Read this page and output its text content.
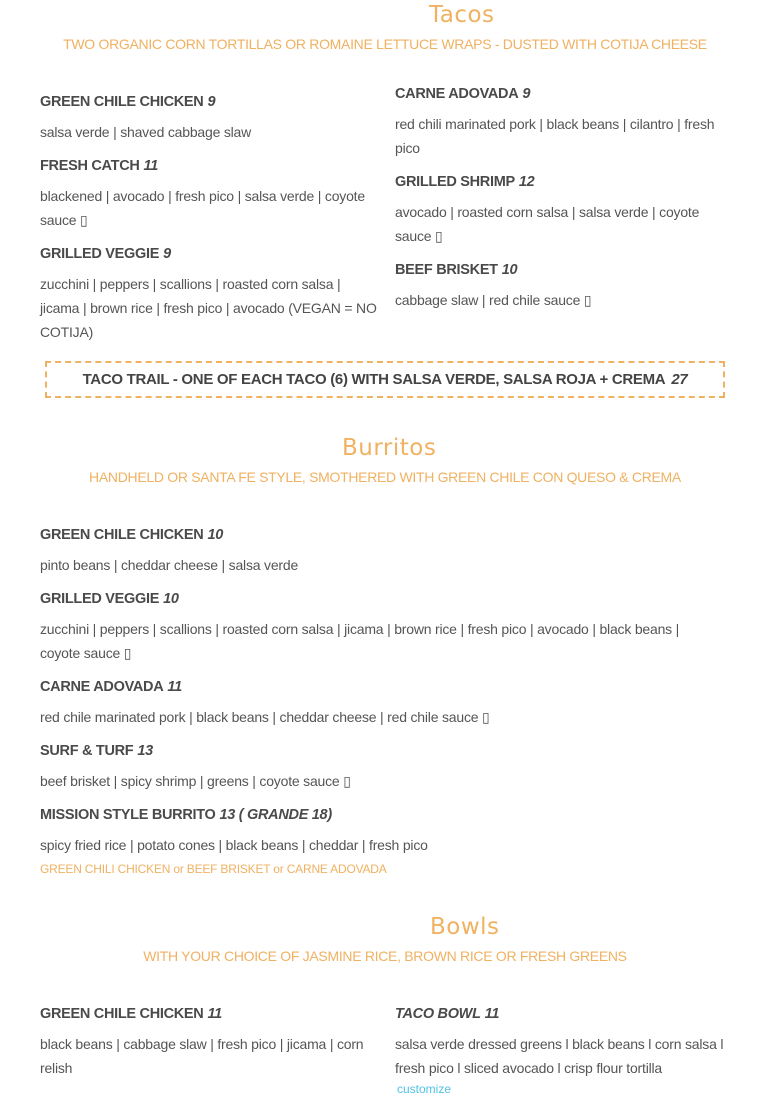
Tacos

TWO ORGANIC CORN TORTILLAS OR ROMAINE LETTUCE WRAPS - DUSTED WITH COTIJA CHEESE

GREEN CHILE CHICKEN 9
salsa verde | shaved cabbage slaw
FRESH CATCH 11
blackened | avocado | fresh pico | salsa verde | coyote sauce ▯
GRILLED VEGGIE 9
zucchini | peppers | scallions | roasted corn salsa | jicama | brown rice | fresh pico | avocado (VEGAN = NO COTIJA)
CARNE ADOVADA 9
red chili marinated pork | black beans | cilantro | fresh pico
GRILLED SHRIMP 12
avocado | roasted corn salsa | salsa verde | coyote sauce ▯
BEEF BRISKET 10
cabbage slaw | red chile sauce ▯
TACO TRAIL - ONE OF EACH TACO (6) WITH SALSA VERDE, SALSA ROJA + CREMA 27
Burritos

HANDHELD OR SANTA FE STYLE, SMOTHERED WITH GREEN CHILE CON QUESO & CREMA

GREEN CHILE CHICKEN 10
pinto beans | cheddar cheese | salsa verde
GRILLED VEGGIE 10
zucchini | peppers | scallions | roasted corn salsa | jicama | brown rice | fresh pico | avocado | black beans | coyote sauce ▯
CARNE ADOVADA 11
red chile marinated pork | black beans | cheddar cheese | red chile sauce ▯
SURF & TURF 13
beef brisket | spicy shrimp | greens | coyote sauce ▯
MISSION STYLE BURRITO 13 ( GRANDE 18)
spicy fried rice | potato cones | black beans | cheddar | fresh pico
GREEN CHILI CHICKEN or BEEF BRISKET or CARNE ADOVADA
Bowls

WITH YOUR CHOICE OF JASMINE RICE, BROWN RICE OR FRESH GREENS

GREEN CHILE CHICKEN 11
black beans | cabbage slaw | fresh pico | jicama | corn relish
TACO BOWL 11
salsa verde dressed greens l black beans l corn salsa l fresh pico l sliced avocado l crisp flour tortilla
customize
